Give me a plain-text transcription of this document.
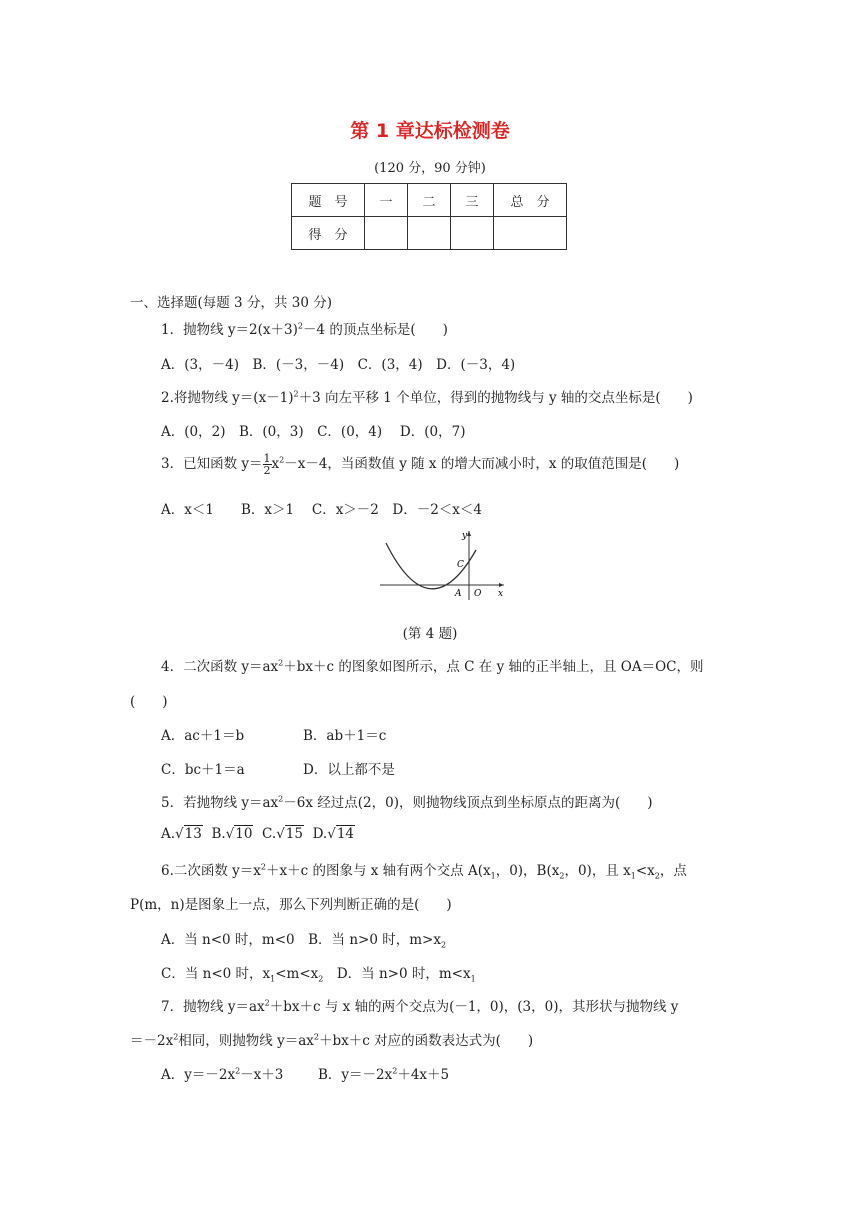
第 1 章达标检测卷
(120 分，90 分钟)
题　号	一	二	三	总　分
得　分				
一、选择题(每题 3 分，共 30 分)
1．抛物线 $y=2(x+3)^2-4$ 的顶点坐标是(　　)
A．(3，－4)　B．(－3，－4)　C．(3，4)　D．(－3，4)
2.将抛物线 $y=(x-1)^2+3$ 向左平移 1 个单位，得到的抛物线与 y 轴的交点坐标是(　　)
A．(0，2)　B．(0，3)　C．(0，4)　 D．(0，7)
3．已知函数 $y= \frac{1}{2} x^2-x-4$，当函数值 y 随 x 的增大而减小时，x 的取值范围是(　　)
A．x＜1　　B．x＞1　 C．x＞－2　D．－2＜x＜4
y
C
A O x
(第 4 题)
4．二次函数 $y=ax^2+bx+c$ 的图象如图所示，点 C 在 y 轴的正半轴上，且 OA＝OC，则
(　　)
A．ac＋1＝b	B．ab＋1＝c
C．bc＋1＝a	D．以上都不是
5．若抛物线 $y=ax^2-6x$ 经过点(2，0)，则抛物线顶点到坐标原点的距离为(　　)
A.√13 B.√10 C.√15 D.√14
6.二次函数 $y=x^2+x+c$ 的图象与 x 轴有两个交点 $A(x_1$，0)，$B(x_2$，0)，且 $x_1<x_2$，点
P(m，n)是图象上一点，那么下列判断正确的是(　　)
A．当 n<0 时，m<0　B．当 n>0 时，$m>x_2$
C．当 n<0 时，$x_1<m<x_2$　D．当 n>0 时，$m<x_1$
7．抛物线 $y=ax^2+bx+c$ 与 x 轴的两个交点为(－1，0)，(3，0)，其形状与抛物线 y
$=-2x^2$相同，则抛物线 $y=ax^2+bx+c$ 对应的函数表达式为(　　)
A．$y=-2x^2-x+3$	B．$y=-2x^2+4x+5$
